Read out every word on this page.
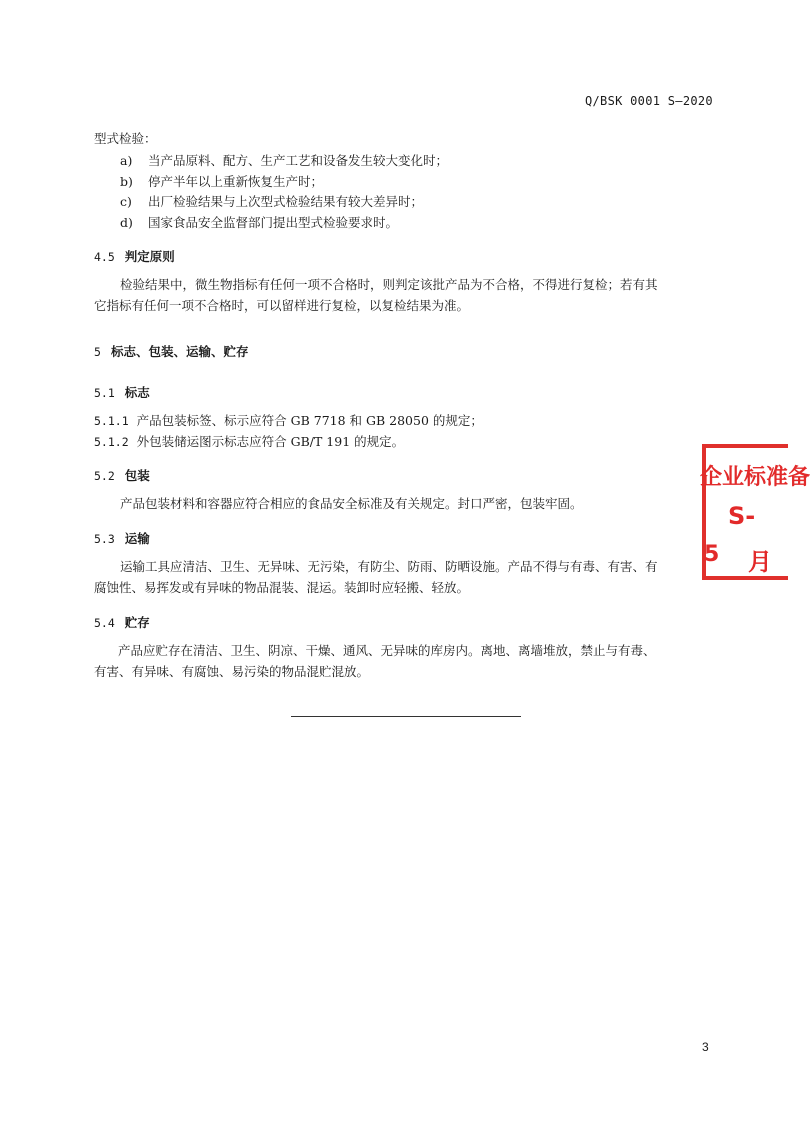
Q/BSK 0001 S—2020
型式检验：
a) 当产品原料、配方、生产工艺和设备发生较大变化时；
b) 停产半年以上重新恢复生产时；
c) 出厂检验结果与上次型式检验结果有较大差异时；
d) 国家食品安全监督部门提出型式检验要求时。
4.5 判定原则
检验结果中，微生物指标有任何一项不合格时，则判定该批产品为不合格，不得进行复检；若有其
它指标有任何一项不合格时，可以留样进行复检，以复检结果为准。
5 标志、包装、运输、贮存
5.1 标志
5.1.1 产品包装标签、标示应符合 GB 7718 和 GB 28050 的规定；
5.1.2 外包装储运图示标志应符合 GB/T 191 的规定。
5.2 包装
产品包装材料和容器应符合相应的食品安全标准及有关规定。封口严密，包装牢固。
5.3 运输
运输工具应清洁、卫生、无异味、无污染，有防尘、防雨、防晒设施。产品不得与有毒、有害、有
腐蚀性、易挥发或有异味的物品混装、混运。装卸时应轻搬、轻放。
5.4 贮存
产品应贮存在清洁、卫生、阴凉、干燥、通风、无异味的库房内。离地、离墙堆放，禁止与有毒、
有害、有异味、有腐蚀、易污染的物品混贮混放。
企业标准备
S-
5 月
3
